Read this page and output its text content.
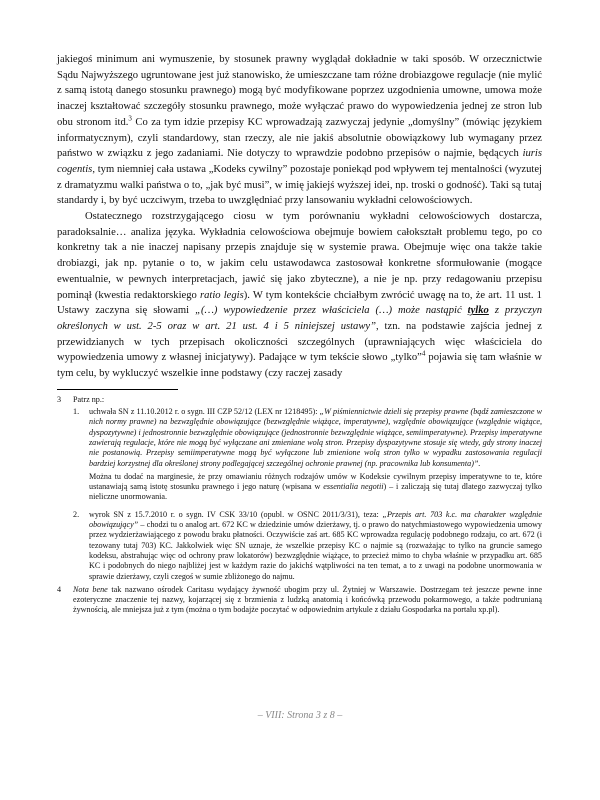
jakiegoś minimum ani wymuszenie, by stosunek prawny wyglądał dokładnie w taki sposób. W orzecznictwie Sądu Najwyższego ugruntowane jest już stanowisko, że umieszczane tam różne drobiazgowe regulacje (nie mylić z samą istotą danego stosunku prawnego) mogą być modyfikowane poprzez uzgodnienia umowne, umowa może inaczej kształtować szczegóły stosunku prawnego, może wyłączać prawo do wypowiedzenia jednej ze stron lub obu stronom itd.$^3$ Co za tym idzie przepisy KC wprowadzają zazwyczaj jedynie „domyślny” (mówiąc językiem informatycznym), czyli standardowy, stan rzeczy, ale nie jakiś absolutnie obowiązkowy lub wymagany przez państwo w związku z jego zadaniami. Nie dotyczy to wprawdzie podobno przepisów o najmie, będących iuris cogentis, tym niemniej cała ustawa „Kodeks cywilny” pozostaje poniekąd pod wpływem tej mentalności (wyzutej z dramatyzmu walki państwa o to, „jak być musi”, w imię jakiejś wyższej idei, np. troski o godność). Taki są tutaj standardy i, by być uczciwym, trzeba to uwzględniać przy lansowaniu wykładni celowościowych.

Ostatecznego rozstrzygającego ciosu w tym porównaniu wykładni celowościowych dostarcza, paradoksalnie… analiza języka. Wykładnia celowościowa obejmuje bowiem całokształt problemu tego, po co konkretny tak a nie inaczej napisany przepis znajduje się w systemie prawa. Obejmuje więc ona także takie drobiazgi, jak np. pytanie o to, w jakim celu ustawodawca zastosował konkretne sformułowanie (mogące ewentualnie, w pewnych interpretacjach, jawić się jako zbyteczne), a nie je np. przy redagowaniu przepisu pominął (kwestia redaktorskiego ratio legis). W tym kontekście chciałbym zwrócić uwagę na to, że art. 11 ust. 1 Ustawy zaczyna się słowami „(…) wypowiedzenie przez właściciela (…) może nastąpić tylko z przyczyn określonych w ust. 2-5 oraz w art. 21 ust. 4 i 5 niniejszej ustawy”, tzn. na podstawie zajścia jednej z przewidzianych w tych przepisach okoliczności szczególnych (uprawniających więc właściciela do wypowiedzenia umowy z własnej inicjatywy). Padające w tym tekście słowo „tylko”$^4$ pojawia się tam właśnie w tym celu, by wykluczyć wszelkie inne podstawy (czy raczej zasady

3	Patrz np.:
1.	uchwała SN z 11.10.2012 r. o sygn. III CZP 52/12 (LEX nr 1218495): „W piśmiennictwie dzieli się przepisy prawne (bądź zamieszczone w nich normy prawne) na bezwzględnie obowiązujące (bezwzględnie wiążące, imperatywne), względnie obowiązujące (względnie wiążące, dyspozytywne) i jednostronnie bezwzględnie obowiązujące (jednostronnie bezwzględnie wiążące, semiimperatywne). Przepisy imperatywne zawierają regulacje, które nie mogą być wyłączane ani zmieniane wolą stron. Przepisy dyspozytywne stosuje się wtedy, gdy strony inaczej nie postanowią. Przepisy semiimperatywne mogą być wyłączone lub zmienione wolą stron tylko w wypadku zastosowania regulacji bardziej korzystnej dla określonej strony podlegającej szczególnej ochronie prawnej (np. pracownika lub konsumenta)”.
Można tu dodać na marginesie, że przy omawianiu różnych rodzajów umów w Kodeksie cywilnym przepisy imperatywne to te, które ustanawiają samą istotę stosunku prawnego i jego naturę (wpisana w essentialia negotii) – i zaliczają się tutaj dlatego zazwyczaj tylko nieliczne unormowania.
2.	wyrok SN z 15.7.2010 r. o sygn. IV CSK 33/10 (opubl. w OSNC 2011/3/31), teza: „Przepis art. 703 k.c. ma charakter względnie obowiązujący” – chodzi tu o analog art. 672 KC w dziedzinie umów dzierżawy, tj. o prawo do natychmiastowego wypowiedzenia umowy przez wydzierżawiającego z powodu braku płatności. Oczywiście zaś art. 685 KC wprowadza regulację podobnego rodzaju, co art. 672 (i tezowany tutaj 703) KC. Jakkolwiek więc SN uznaje, że wszelkie przepisy KC o najmie są (rozważając to tylko na gruncie samego kodeksu, abstrahując więc od ochrony praw lokatorów) bezwzględnie wiążące, to przecież mimo to chyba właśnie w przypadku art. 685 KC i podobnych do niego najbliżej jest w każdym razie do jakichś wątpliwości na ten temat, a to z uwagi na podobne unormowania w sprawie dzierżawy, czyli czegoś w sumie zbliżonego do najmu.
4	Nota bene tak nazwano ośrodek Caritasu wydający żywność ubogim przy ul. Żytniej w Warszawie. Dostrzegam też jeszcze pewne inne ezoteryczne znaczenie tej nazwy, kojarzącej się z brzmienia z ludzką anatomią i końcówką przewodu pokarmowego, a także podtrunianą żywnością, ale mniejsza już z tym (można o tym bodajże poczytać w odpowiednim artykule z działu Gospodarka na portalu xp.pl).
– VIII: Strona 3 z 8 –
